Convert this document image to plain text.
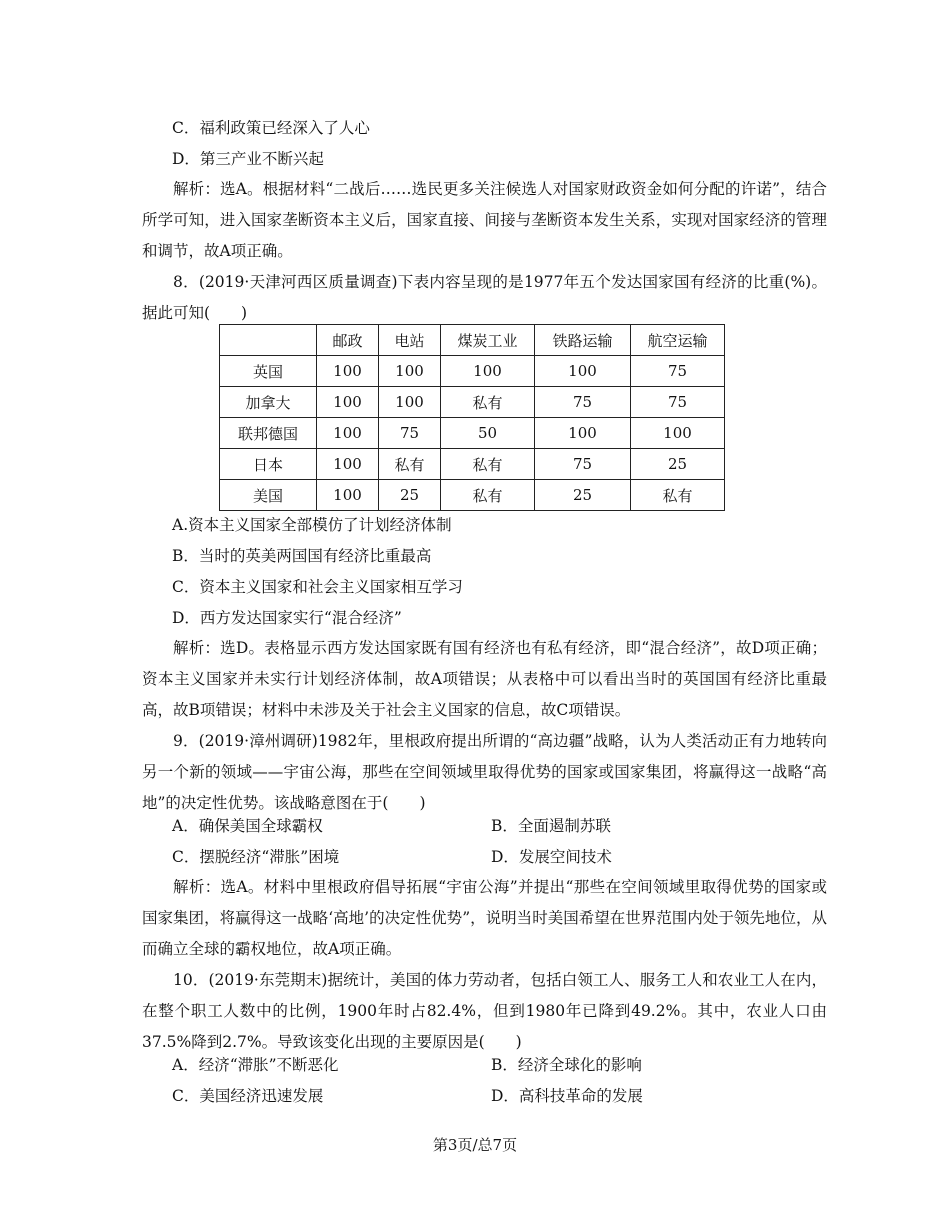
C．福利政策已经深入了人心
D．第三产业不断兴起
解析：选A。根据材料“二战后……选民更多关注候选人对国家财政资金如何分配的许诺”，结合所学可知，进入国家垄断资本主义后，国家直接、间接与垄断资本发生关系，实现对国家经济的管理和调节，故A项正确。
8．(2019·天津河西区质量调查)下表内容呈现的是1977年五个发达国家国有经济的比重(%)。据此可知(　　)
	邮政	电站	煤炭工业	铁路运输	航空运输
英国	100	100	100	100	75
加拿大	100	100	私有	75	75
联邦德国	100	75	50	100	100
日本	100	私有	私有	75	25
美国	100	25	私有	25	私有
A.资本主义国家全部模仿了计划经济体制
B．当时的英美两国国有经济比重最高
C．资本主义国家和社会主义国家相互学习
D．西方发达国家实行“混合经济”
解析：选D。表格显示西方发达国家既有国有经济也有私有经济，即“混合经济”，故D项正确；资本主义国家并未实行计划经济体制，故A项错误；从表格中可以看出当时的英国国有经济比重最高，故B项错误；材料中未涉及关于社会主义国家的信息，故C项错误。
9．(2019·漳州调研)1982年，里根政府提出所谓的“高边疆”战略，认为人类活动正有力地转向另一个新的领域——宇宙公海，那些在空间领域里取得优势的国家或国家集团，将赢得这一战略“高地”的决定性优势。该战略意图在于(　　)
A．确保美国全球霸权	B．全面遏制苏联
C．摆脱经济“滞胀”困境	D．发展空间技术
解析：选A。材料中里根政府倡导拓展“宇宙公海”并提出“那些在空间领域里取得优势的国家或国家集团，将赢得这一战略‘高地’的决定性优势”，说明当时美国希望在世界范围内处于领先地位，从而确立全球的霸权地位，故A项正确。
10．(2019·东莞期末)据统计，美国的体力劳动者，包括白领工人、服务工人和农业工人在内，在整个职工人数中的比例，1900年时占82.4%，但到1980年已降到49.2%。其中，农业人口由37.5%降到2.7%。导致该变化出现的主要原因是(　　)
A．经济“滞胀”不断恶化	B．经济全球化的影响
C．美国经济迅速发展	D．高科技革命的发展
第3页/总7页
